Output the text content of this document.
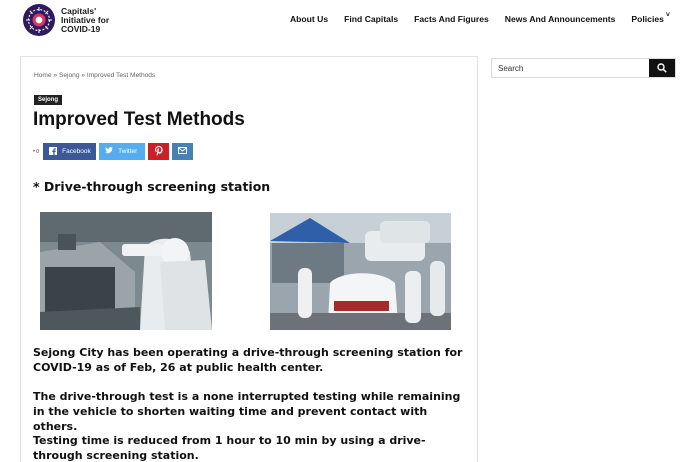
Capitals'
Initiative for
COVID-19
About Us Find Capitals Facts And Figures News And Announcements Policies ˅
Home » Sejong » Improved Test Methods
Sejong
Improved Test Methods
• 0	Facebook	Twitter
* Drive-through screening station

Sejong City has been operating a drive-through screening station for COVID-19 as of Feb, 26 at public health center.

The drive-through test is a none interrupted testing while remaining in the vehicle to shorten waiting time and prevent contact with others.

Testing time is reduced from 1 hour to 10 min by using a drive-through screening station.

Search
